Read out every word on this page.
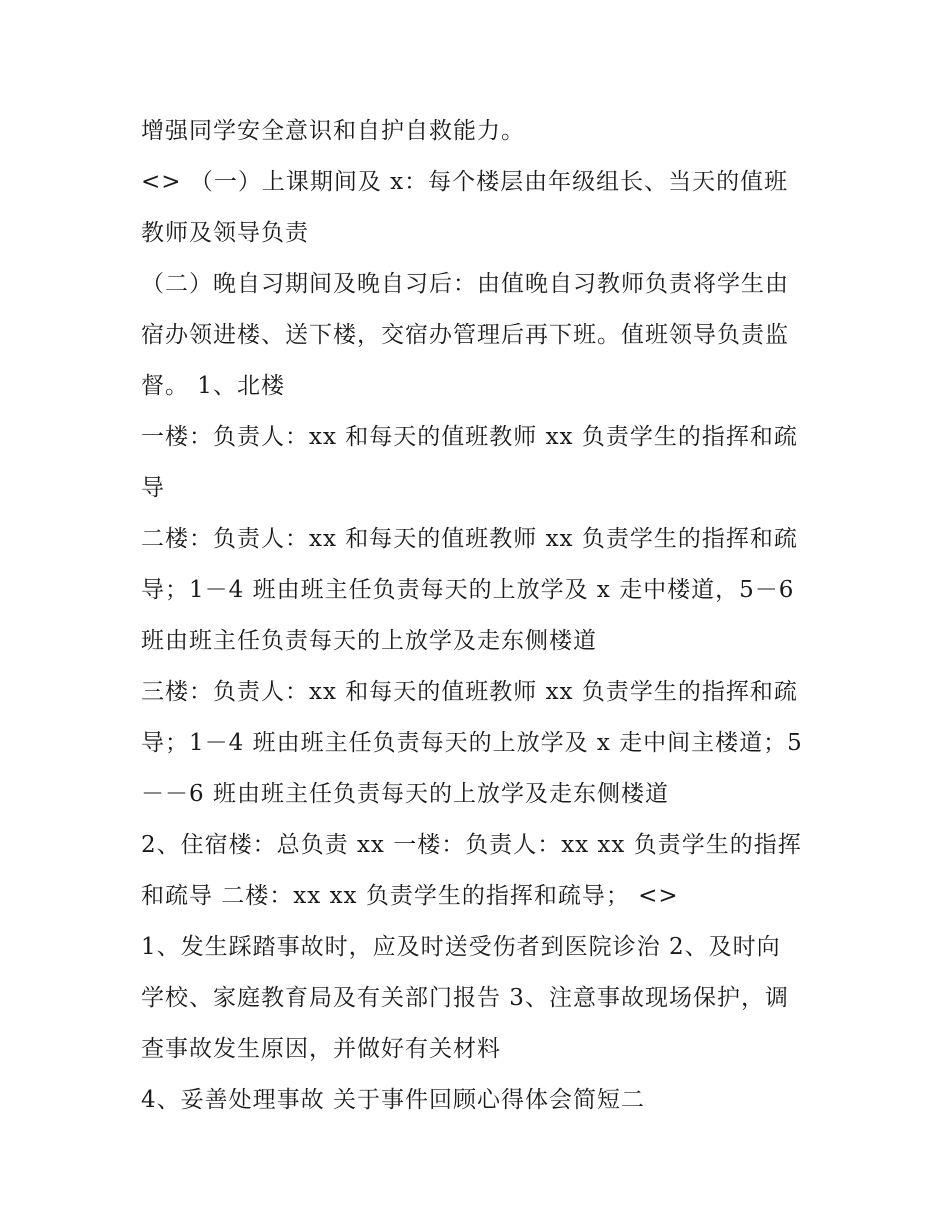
增强同学安全意识和自护自救能力。
<> （一）上课期间及 x：每个楼层由年级组长、当天的值班
教师及领导负责
（二）晚自习期间及晚自习后：由值晚自习教师负责将学生由
宿办领进楼、送下楼，交宿办管理后再下班。值班领导负责监
督。 1、北楼
一楼：负责人：xx 和每天的值班教师 xx 负责学生的指挥和疏
导
二楼：负责人：xx 和每天的值班教师 xx 负责学生的指挥和疏
导；1－4 班由班主任负责每天的上放学及 x 走中楼道，5－6
班由班主任负责每天的上放学及走东侧楼道
三楼：负责人：xx 和每天的值班教师 xx 负责学生的指挥和疏
导；1－4 班由班主任负责每天的上放学及 x 走中间主楼道；5
－－6 班由班主任负责每天的上放学及走东侧楼道
2、住宿楼：总负责 xx 一楼：负责人：xx xx 负责学生的指挥
和疏导 二楼：xx xx 负责学生的指挥和疏导； <>
1、发生踩踏事故时，应及时送受伤者到医院诊治 2、及时向
学校、家庭教育局及有关部门报告 3、注意事故现场保护，调
查事故发生原因，并做好有关材料
4、妥善处理事故 关于事件回顾心得体会简短二
